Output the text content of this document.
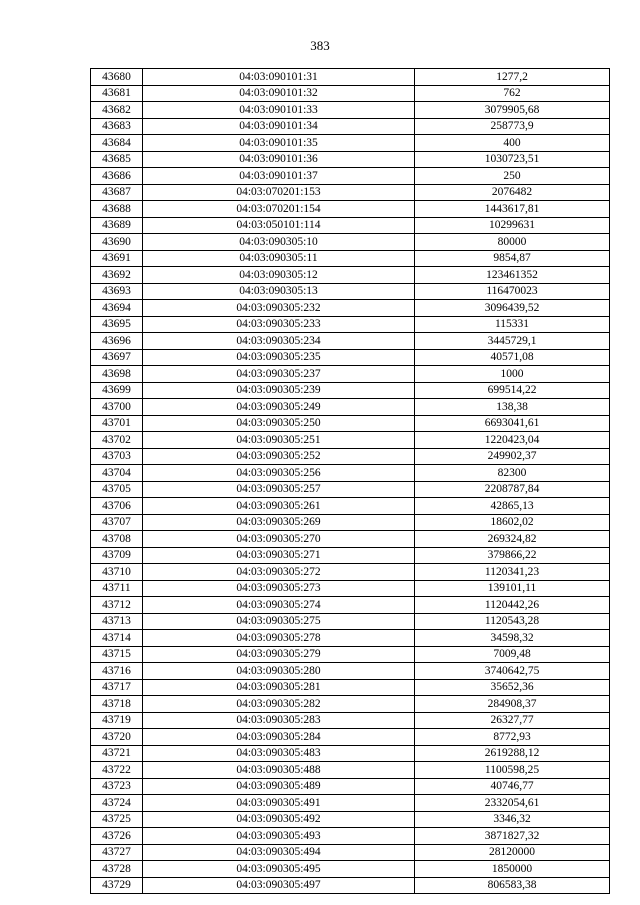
383
43680	04:03:090101:31	1277,2
43681	04:03:090101:32	762
43682	04:03:090101:33	3079905,68
43683	04:03:090101:34	258773,9
43684	04:03:090101:35	400
43685	04:03:090101:36	1030723,51
43686	04:03:090101:37	250
43687	04:03:070201:153	2076482
43688	04:03:070201:154	1443617,81
43689	04:03:050101:114	10299631
43690	04:03:090305:10	80000
43691	04:03:090305:11	9854,87
43692	04:03:090305:12	123461352
43693	04:03:090305:13	116470023
43694	04:03:090305:232	3096439,52
43695	04:03:090305:233	115331
43696	04:03:090305:234	3445729,1
43697	04:03:090305:235	40571,08
43698	04:03:090305:237	1000
43699	04:03:090305:239	699514,22
43700	04:03:090305:249	138,38
43701	04:03:090305:250	6693041,61
43702	04:03:090305:251	1220423,04
43703	04:03:090305:252	249902,37
43704	04:03:090305:256	82300
43705	04:03:090305:257	2208787,84
43706	04:03:090305:261	42865,13
43707	04:03:090305:269	18602,02
43708	04:03:090305:270	269324,82
43709	04:03:090305:271	379866,22
43710	04:03:090305:272	1120341,23
43711	04:03:090305:273	139101,11
43712	04:03:090305:274	1120442,26
43713	04:03:090305:275	1120543,28
43714	04:03:090305:278	34598,32
43715	04:03:090305:279	7009,48
43716	04:03:090305:280	3740642,75
43717	04:03:090305:281	35652,36
43718	04:03:090305:282	284908,37
43719	04:03:090305:283	26327,77
43720	04:03:090305:284	8772,93
43721	04:03:090305:483	2619288,12
43722	04:03:090305:488	1100598,25
43723	04:03:090305:489	40746,77
43724	04:03:090305:491	2332054,61
43725	04:03:090305:492	3346,32
43726	04:03:090305:493	3871827,32
43727	04:03:090305:494	28120000
43728	04:03:090305:495	1850000
43729	04:03:090305:497	806583,38
